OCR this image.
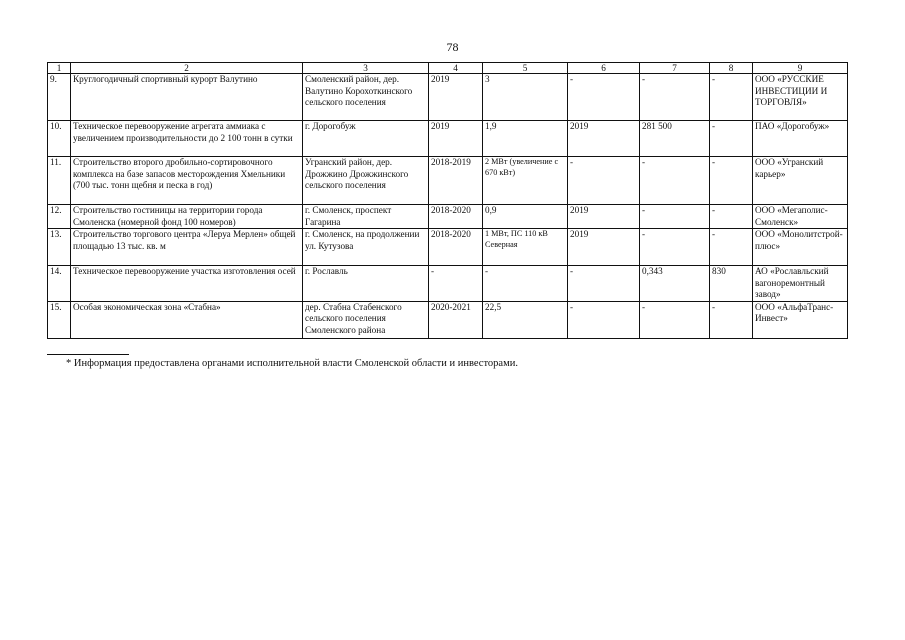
78
1	2	3	4	5	6	7	8	9
9.	Круглогодичный спортивный курорт Валутино	Смоленский район, дер. Валутино Корохоткинского сельского поселения	2019	3	-	-	-	ООО «РУССКИЕ ИНВЕСТИЦИИ И ТОРГОВЛЯ»
10.	Техническое перевооружение агрегата аммиака с увеличением производительности до 2 100 тонн в сутки	г. Дорогобуж	2019	1,9	2019	281 500	-	ПАО «Дорогобуж»
11.	Строительство второго дробильно-сортировочного комплекса на базе запасов месторождения Хмельники (700 тыс. тонн щебня и песка в год)	Угранский район, дер. Дрожжино Дрожжинского сельского поселения	2018-2019	2 МВт (увеличение с 670 кВт)	-	-	-	ООО «Угранский карьер»
12.	Строительство гостиницы на территории города Смоленска (номерной фонд 100 номеров)	г. Смоленск, проспект Гагарина	2018-2020	0,9	2019	-	-	ООО «Мегаполис-Смоленск»
13.	Строительство торгового центра «Леруа Мерлен» общей площадью 13 тыс. кв. м	г. Смоленск, на продолжении ул. Кутузова	2018-2020	1 МВт, ПС 110 кВ Северная	2019	-	-	ООО «Монолитстрой-плюс»
14.	Техническое перевооружение участка изготовления осей	г. Рославль	-	-	-	0,343	830	АО «Рославльский вагоноремонтный завод»
15.	Особая экономическая зона «Стабна»	дер. Стабна Стабенского сельского поселения Смоленского района	2020-2021	22,5	-	-	-	ООО «АльфаТранс-Инвест»
* Информация предоставлена органами исполнительной власти Смоленской области и инвесторами.
